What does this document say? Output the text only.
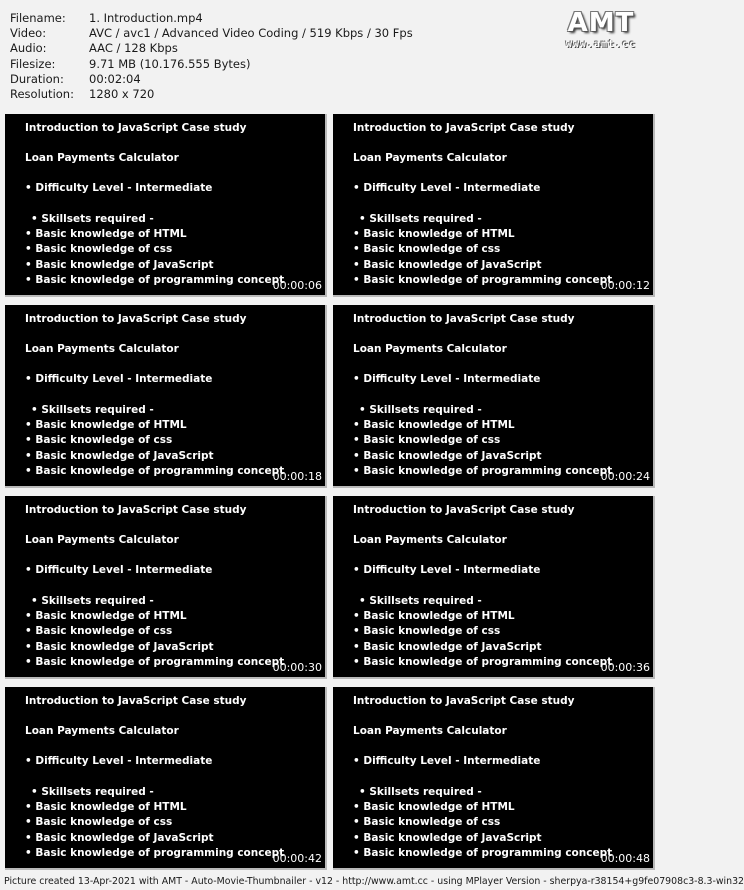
Filename:	1. Introduction.mp4
Video:	AVC / avc1 / Advanced Video Coding / 519 Kbps / 30 Fps
Audio:	AAC / 128 Kbps
Filesize:	9.71 MB (10.176.555 Bytes)
Duration:	00:02:04
Resolution:	1280 x 720
AMT
www.amt.cc
Introduction to JavaScript Case study
Loan Payments Calculator
• Difficulty Level - Intermediate
• Skillsets required -
• Basic knowledge of HTML
• Basic knowledge of css
• Basic knowledge of JavaScript
• Basic knowledge of programming concept
00:00:06
Introduction to JavaScript Case study
Loan Payments Calculator
• Difficulty Level - Intermediate
• Skillsets required -
• Basic knowledge of HTML
• Basic knowledge of css
• Basic knowledge of JavaScript
• Basic knowledge of programming concept
00:00:12
Introduction to JavaScript Case study
Loan Payments Calculator
• Difficulty Level - Intermediate
• Skillsets required -
• Basic knowledge of HTML
• Basic knowledge of css
• Basic knowledge of JavaScript
• Basic knowledge of programming concept
00:00:18
Introduction to JavaScript Case study
Loan Payments Calculator
• Difficulty Level - Intermediate
• Skillsets required -
• Basic knowledge of HTML
• Basic knowledge of css
• Basic knowledge of JavaScript
• Basic knowledge of programming concept
00:00:24
Introduction to JavaScript Case study
Loan Payments Calculator
• Difficulty Level - Intermediate
• Skillsets required -
• Basic knowledge of HTML
• Basic knowledge of css
• Basic knowledge of JavaScript
• Basic knowledge of programming concept
00:00:30
Introduction to JavaScript Case study
Loan Payments Calculator
• Difficulty Level - Intermediate
• Skillsets required -
• Basic knowledge of HTML
• Basic knowledge of css
• Basic knowledge of JavaScript
• Basic knowledge of programming concept
00:00:36
Introduction to JavaScript Case study
Loan Payments Calculator
• Difficulty Level - Intermediate
• Skillsets required -
• Basic knowledge of HTML
• Basic knowledge of css
• Basic knowledge of JavaScript
• Basic knowledge of programming concept
00:00:42
Introduction to JavaScript Case study
Loan Payments Calculator
• Difficulty Level - Intermediate
• Skillsets required -
• Basic knowledge of HTML
• Basic knowledge of css
• Basic knowledge of JavaScript
• Basic knowledge of programming concept
00:00:48
Picture created 13-Apr-2021 with AMT - Auto-Movie-Thumbnailer - v12 - http://www.amt.cc - using MPlayer Version - sherpya-r38154+g9fe07908c3-8.3-win32
